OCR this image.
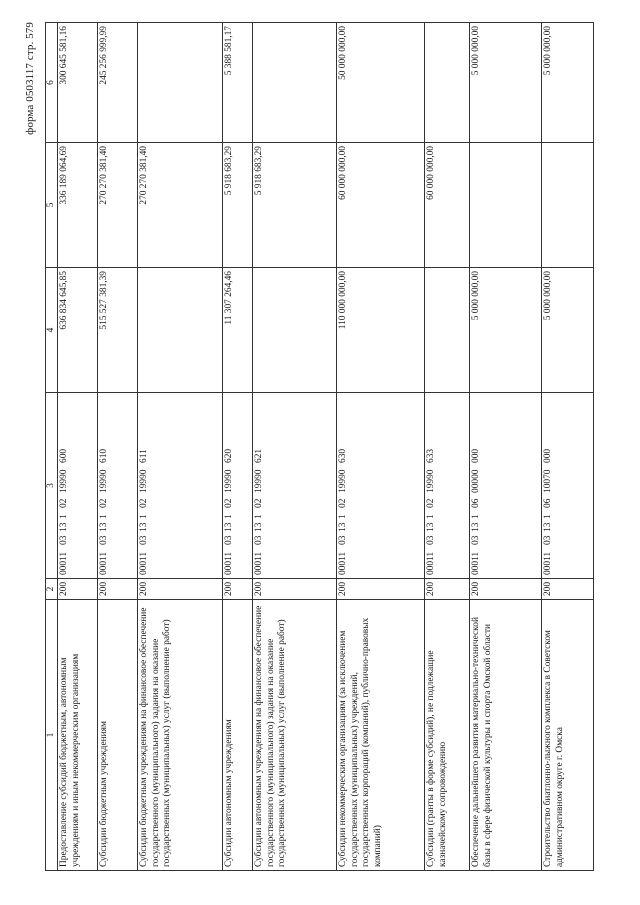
форма 0503117 стр. 579
1	2	3	4	5	6
Предоставление субсидий бюджетным, автономным учреждениям и иным некоммерческим организациям	200	00011031310219990600	636 834 645,85	336 189 064,69	300 645 581,16
Субсидии бюджетным учреждениям	200	00011031310219990610	515 527 381,39	270 270 381,40	245 256 999,99
Субсидии бюджетным учреждениям на финансовое обеспечение государственного (муниципального) задания на оказание государственных (муниципальных) услуг (выполнение работ)	200	00011031310219990611		270 270 381,40	
Субсидии автономным учреждениям	200	00011031310219990620	11 307 264,46	5 918 683,29	5 388 581,17
Субсидии автономным учреждениям на финансовое обеспечение государственного (муниципального) задания на оказание государственных (муниципальных) услуг (выполнение работ)	200	00011031310219990621		5 918 683,29	
Субсидии некоммерческим организациям (за исключением государственных (муниципальных) учреждений, государственных корпораций (компаний), публично-правовых компаний)	200	00011031310219990630	110 000 000,00	60 000 000,00	50 000 000,00
Субсидии (гранты в форме субсидий), не подлежащие казначейскому сопровождению	200	00011031310219990633		60 000 000,00	
Обеспечение дальнейшего развития материально-технической базы в сфере физической культуры и спорта Омской области	200	00011031310600000000	5 000 000,00		5 000 000,00
Строительство биатлонно-лыжного комплекса в Советском административном округе г. Омска	200	00011031310610070000	5 000 000,00		5 000 000,00
